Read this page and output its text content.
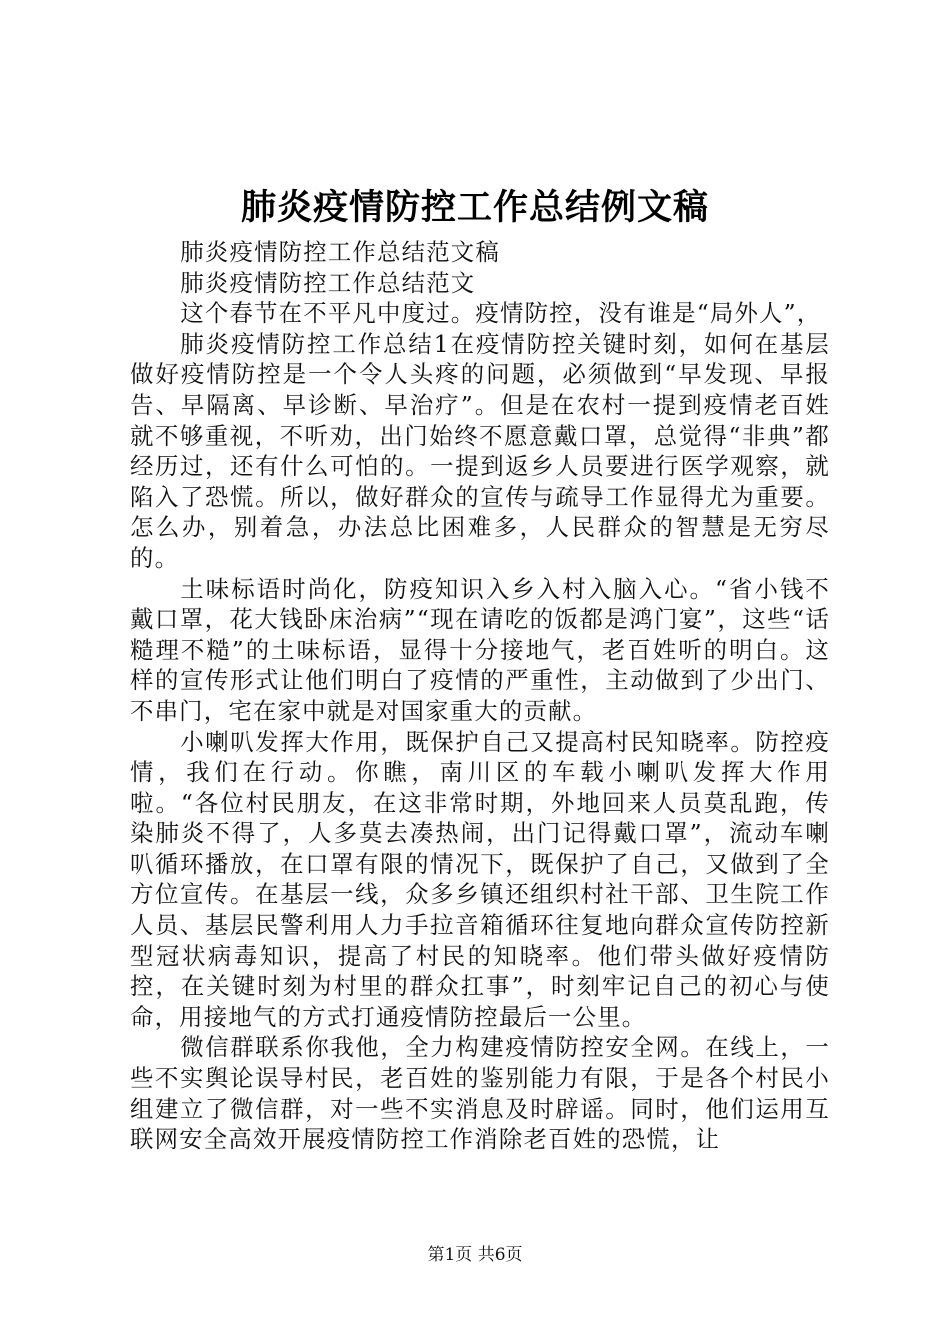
肺炎疫情防控工作总结例文稿

肺炎疫情防控工作总结范文稿

肺炎疫情防控工作总结范文

这个春节在不平凡中度过。疫情防控，没有谁是“局外人”，

肺炎疫情防控工作总结1在疫情防控关键时刻，如何在基层做好疫情防控是一个令人头疼的问题，必须做到“早发现、早报告、早隔离、早诊断、早治疗”。但是在农村一提到疫情老百姓就不够重视，不听劝，出门始终不愿意戴口罩，总觉得“非典”都经历过，还有什么可怕的。一提到返乡人员要进行医学观察，就陷入了恐慌。所以，做好群众的宣传与疏导工作显得尤为重要。怎么办，别着急，办法总比困难多，人民群众的智慧是无穷尽的。

土味标语时尚化，防疫知识入乡入村入脑入心。“省小钱不戴口罩，花大钱卧床治病”“现在请吃的饭都是鸿门宴”，这些“话糙理不糙”的土味标语，显得十分接地气，老百姓听的明白。这样的宣传形式让他们明白了疫情的严重性，主动做到了少出门、不串门，宅在家中就是对国家重大的贡献。

小喇叭发挥大作用，既保护自己又提高村民知晓率。防控疫情，我们在行动。你瞧，南川区的车载小喇叭发挥大作用啦。“各位村民朋友，在这非常时期，外地回来人员莫乱跑，传染肺炎不得了，人多莫去凑热闹，出门记得戴口罩”，流动车喇叭循环播放，在口罩有限的情况下，既保护了自己，又做到了全方位宣传。在基层一线，众多乡镇还组织村社干部、卫生院工作人员、基层民警利用人力手拉音箱循环往复地向群众宣传防控新型冠状病毒知识，提高了村民的知晓率。他们带头做好疫情防控，在关键时刻为村里的群众扛事”，时刻牢记自己的初心与使命，用接地气的方式打通疫情防控最后一公里。

微信群联系你我他，全力构建疫情防控安全网。在线上，一些不实舆论误导村民，老百姓的鉴别能力有限，于是各个村民小组建立了微信群，对一些不实消息及时辟谣。同时，他们运用互联网安全高效开展疫情防控工作消除老百姓的恐慌，让

第1页 共6页
